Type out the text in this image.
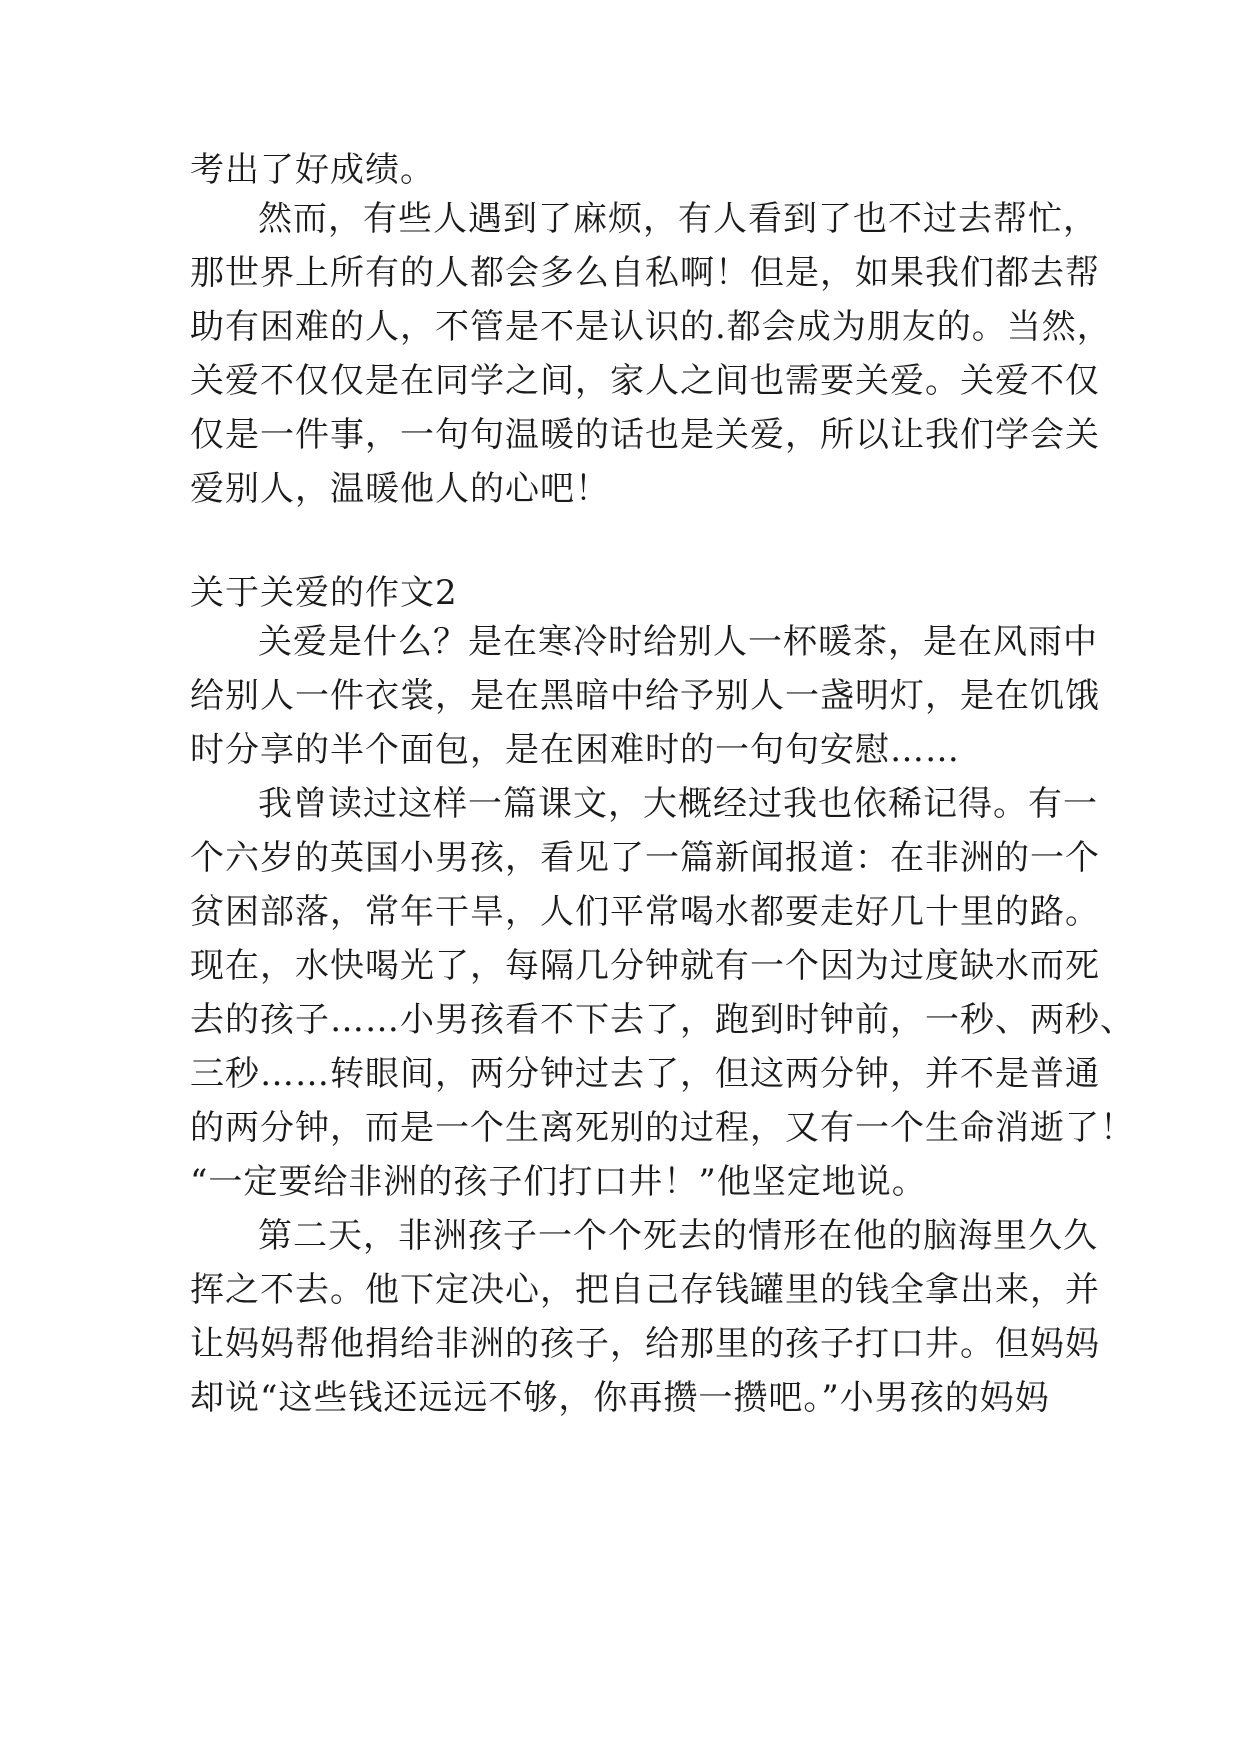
考出了好成绩。
然而，有些人遇到了麻烦，有人看到了也不过去帮忙，
那世界上所有的人都会多么自私啊！但是，如果我们都去帮
助有困难的人，不管是不是认识的.都会成为朋友的。当然，
关爱不仅仅是在同学之间，家人之间也需要关爱。关爱不仅
仅是一件事，一句句温暖的话也是关爱，所以让我们学会关
爱别人，温暖他人的心吧！
关于关爱的作文2
关爱是什么？是在寒冷时给别人一杯暖茶，是在风雨中
给别人一件衣裳，是在黑暗中给予别人一盏明灯，是在饥饿
时分享的半个面包，是在困难时的一句句安慰……
我曾读过这样一篇课文，大概经过我也依稀记得。有一
个六岁的英国小男孩，看见了一篇新闻报道：在非洲的一个
贫困部落，常年干旱，人们平常喝水都要走好几十里的路。
现在，水快喝光了，每隔几分钟就有一个因为过度缺水而死
去的孩子……小男孩看不下去了，跑到时钟前，一秒、两秒、
三秒……转眼间，两分钟过去了，但这两分钟，并不是普通
的两分钟，而是一个生离死别的过程，又有一个生命消逝了！
“一定要给非洲的孩子们打口井！”他坚定地说。
第二天，非洲孩子一个个死去的情形在他的脑海里久久
挥之不去。他下定决心，把自己存钱罐里的钱全拿出来，并
让妈妈帮他捐给非洲的孩子，给那里的孩子打口井。但妈妈
却说“这些钱还远远不够，你再攒一攒吧。”小男孩的妈妈
